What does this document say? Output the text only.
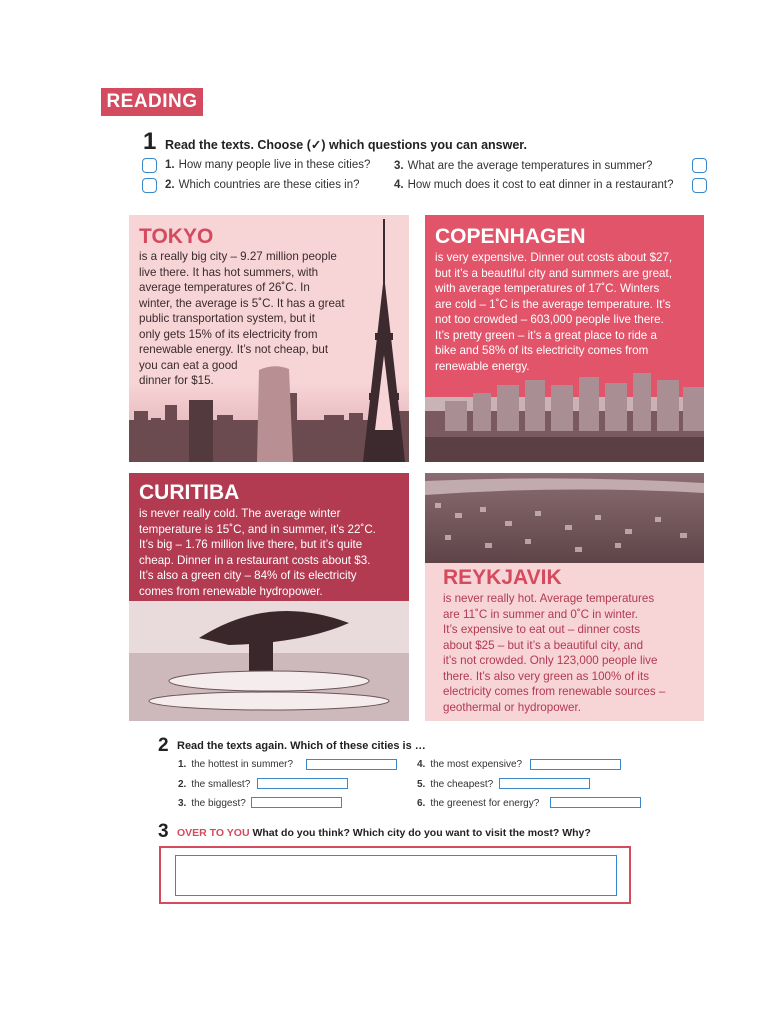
READING
1 Read the texts. Choose (✓) which questions you can answer.
1. How many people live in these cities?
2. Which countries are these cities in?
3. What are the average temperatures in summer?
4. How much does it cost to eat dinner in a restaurant?
TOKYO
is a really big city – 9.27 million people
live there. It has hot summers, with
average temperatures of 26˚C. In
winter, the average is 5˚C. It has a great
public transportation system, but it
only gets 15% of its electricity from
renewable energy. It’s not cheap, but
you can eat a good
dinner for $15.
COPENHAGEN
is very expensive. Dinner out costs about $27,
but it’s a beautiful city and summers are great,
with average temperatures of 17˚C. Winters
are cold – 1˚C is the average temperature. It’s
not too crowded – 603,000 people live there.
It’s pretty green – it’s a great place to ride a
bike and 58% of its electricity comes from
renewable energy.
CURITIBA
is never really cold. The average winter
temperature is 15˚C, and in summer, it’s 22˚C.
It’s big – 1.76 million live there, but it’s quite
cheap. Dinner in a restaurant costs about $3.
It’s also a green city – 84% of its electricity
comes from renewable hydropower.
REYKJAVIK
is never really hot. Average temperatures
are 11˚C in summer and 0˚C in winter.
It’s expensive to eat out – dinner costs
about $25 – but it’s a beautiful city, and
it’s not crowded. Only 123,000 people live
there. It’s also very green as 100% of its
electricity comes from renewable sources –
geothermal or hydropower.
2 Read the texts again. Which of these cities is …
1. the hottest in summer?
2. the smallest?
3. the biggest?
4. the most expensive?
5. the cheapest?
6. the greenest for energy?
3 OVER TO YOU What do you think? Which city do you want to visit the most? Why?
